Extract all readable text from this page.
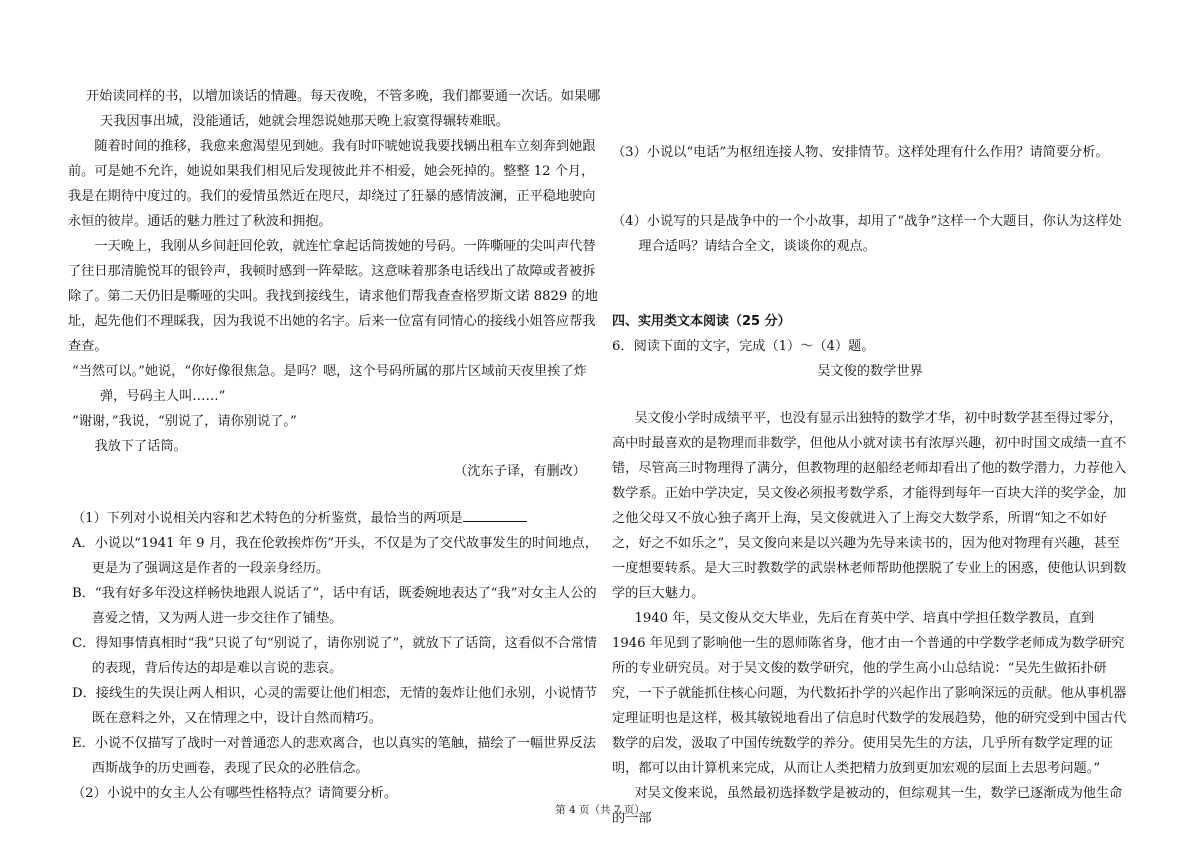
开始读同样的书，以增加谈话的情趣。每天夜晚，不管多晚，我们都要通一次话。如果哪天我因事出城，没能通话，她就会埋怨说她那天晚上寂寞得辗转难眠。

随着时间的推移，我愈来愈渴望见到她。我有时吓唬她说我要找辆出租车立刻奔到她跟前。可是她不允许，她说如果我们相见后发现彼此并不相爱，她会死掉的。整整 12 个月，我是在期待中度过的。我们的爱情虽然近在咫尺，却绕过了狂暴的感情波澜，正平稳地驶向永恒的彼岸。通话的魅力胜过了秋波和拥抱。

一天晚上，我刚从乡间赶回伦敦，就连忙拿起话筒拨她的号码。一阵嘶哑的尖叫声代替了往日那清脆悦耳的银铃声，我顿时感到一阵晕眩。这意味着那条电话线出了故障或者被拆除了。第二天仍旧是嘶哑的尖叫。我找到接线生，请求他们帮我查查格罗斯文诺 8829 的地址，起先他们不理睬我，因为我说不出她的名字。后来一位富有同情心的接线小姐答应帮我查查。

“当然可以。”她说，“你好像很焦急。是吗？嗯，这个号码所属的那片区域前天夜里挨了炸弹，号码主人叫……”

“谢谢，”我说，“别说了，请你别说了。”

我放下了话筒。

（沈东子译，有删改）

（1）下列对小说相关内容和艺术特色的分析鉴赏，最恰当的两项是

A．小说以“1941 年 9 月，我在伦敦挨炸伤”开头，不仅是为了交代故事发生的时间地点，更是为了强调这是作者的一段亲身经历。

B．“我有好多年没这样畅快地跟人说话了”，话中有话，既委婉地表达了“我”对女主人公的喜爱之情，又为两人进一步交往作了铺垫。

C．得知事情真相时“我”只说了句“别说了，请你别说了”，就放下了话筒，这看似不合常情的表现，背后传达的却是难以言说的悲哀。

D．接线生的失误让两人相识，心灵的需要让他们相恋，无情的轰炸让他们永别，小说情节既在意料之外，又在情理之中，设计自然而精巧。

E．小说不仅描写了战时一对普通恋人的悲欢离合，也以真实的笔触，描绘了一幅世界反法西斯战争的历史画卷，表现了民众的必胜信念。

（2）小说中的女主人公有哪些性格特点？请简要分析。

（3）小说以“电话”为枢纽连接人物、安排情节。这样处理有什么作用？请简要分析。

（4）小说写的只是战争中的一个小故事，却用了“战争”这样一个大题目，你认为这样处理合适吗？请结合全文，谈谈你的观点。

四、实用类文本阅读（25 分）

6．阅读下面的文字，完成（1）～（4）题。

吴文俊的数学世界

吴文俊小学时成绩平平，也没有显示出独特的数学才华，初中时数学甚至得过零分，高中时最喜欢的是物理而非数学，但他从小就对读书有浓厚兴趣，初中时国文成绩一直不错，尽管高三时物理得了满分，但教物理的赵船经老师却看出了他的数学潜力，力荐他入数学系。正始中学决定，吴文俊必须报考数学系，才能得到每年一百块大洋的奖学金，加之他父母又不放心独子离开上海，吴文俊就进入了上海交大数学系，所谓“知之不如好之，好之不如乐之”，吴文俊向来是以兴趣为先导来读书的，因为他对物理有兴趣，甚至一度想要转系。是大三时教数学的武崇林老师帮助他摆脱了专业上的困惑，使他认识到数学的巨大魅力。

1940 年，吴文俊从交大毕业，先后在育英中学、培真中学担任数学教员，直到 1946 年见到了影响他一生的恩师陈省身，他才由一个普通的中学数学老师成为数学研究所的专业研究员。对于吴文俊的数学研究，他的学生高小山总结说：“吴先生做拓扑研究，一下子就能抓住核心问题，为代数拓扑学的兴起作出了影响深远的贡献。他从事机器定理证明也是这样，极其敏锐地看出了信息时代数学的发展趋势，他的研究受到中国古代数学的启发，汲取了中国传统数学的养分。使用吴先生的方法，几乎所有数学定理的证明，都可以由计算机来完成，从而让人类把精力放到更加宏观的层面上去思考问题。”

对吴文俊来说，虽然最初选择数学是被动的，但综观其一生，数学已逐渐成为他生命的一部

第 4 页（共 7 页）
